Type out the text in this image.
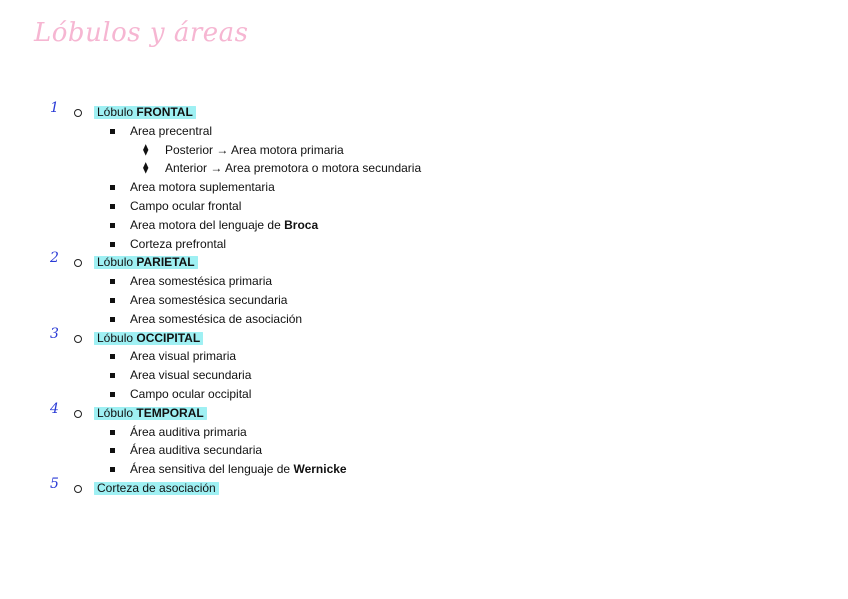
Lóbulos y áreas
1	Lóbulo FRONTAL
Area precentral
⧫ Posterior → Area motora primaria
⧫ Anterior → Area premotora o motora secundaria
Area motora suplementaria
Campo ocular frontal
Area motora del lenguaje de Broca
Corteza prefrontal
2	Lóbulo PARIETAL
Area somestésica primaria
Area somestésica secundaria
Area somestésica de asociación
3	Lóbulo OCCIPITAL
Area visual primaria
Area visual secundaria
Campo ocular occipital
4	Lóbulo TEMPORAL
Área auditiva primaria
Área auditiva secundaria
Área sensitiva del lenguaje de Wernicke
5	Corteza de asociación
